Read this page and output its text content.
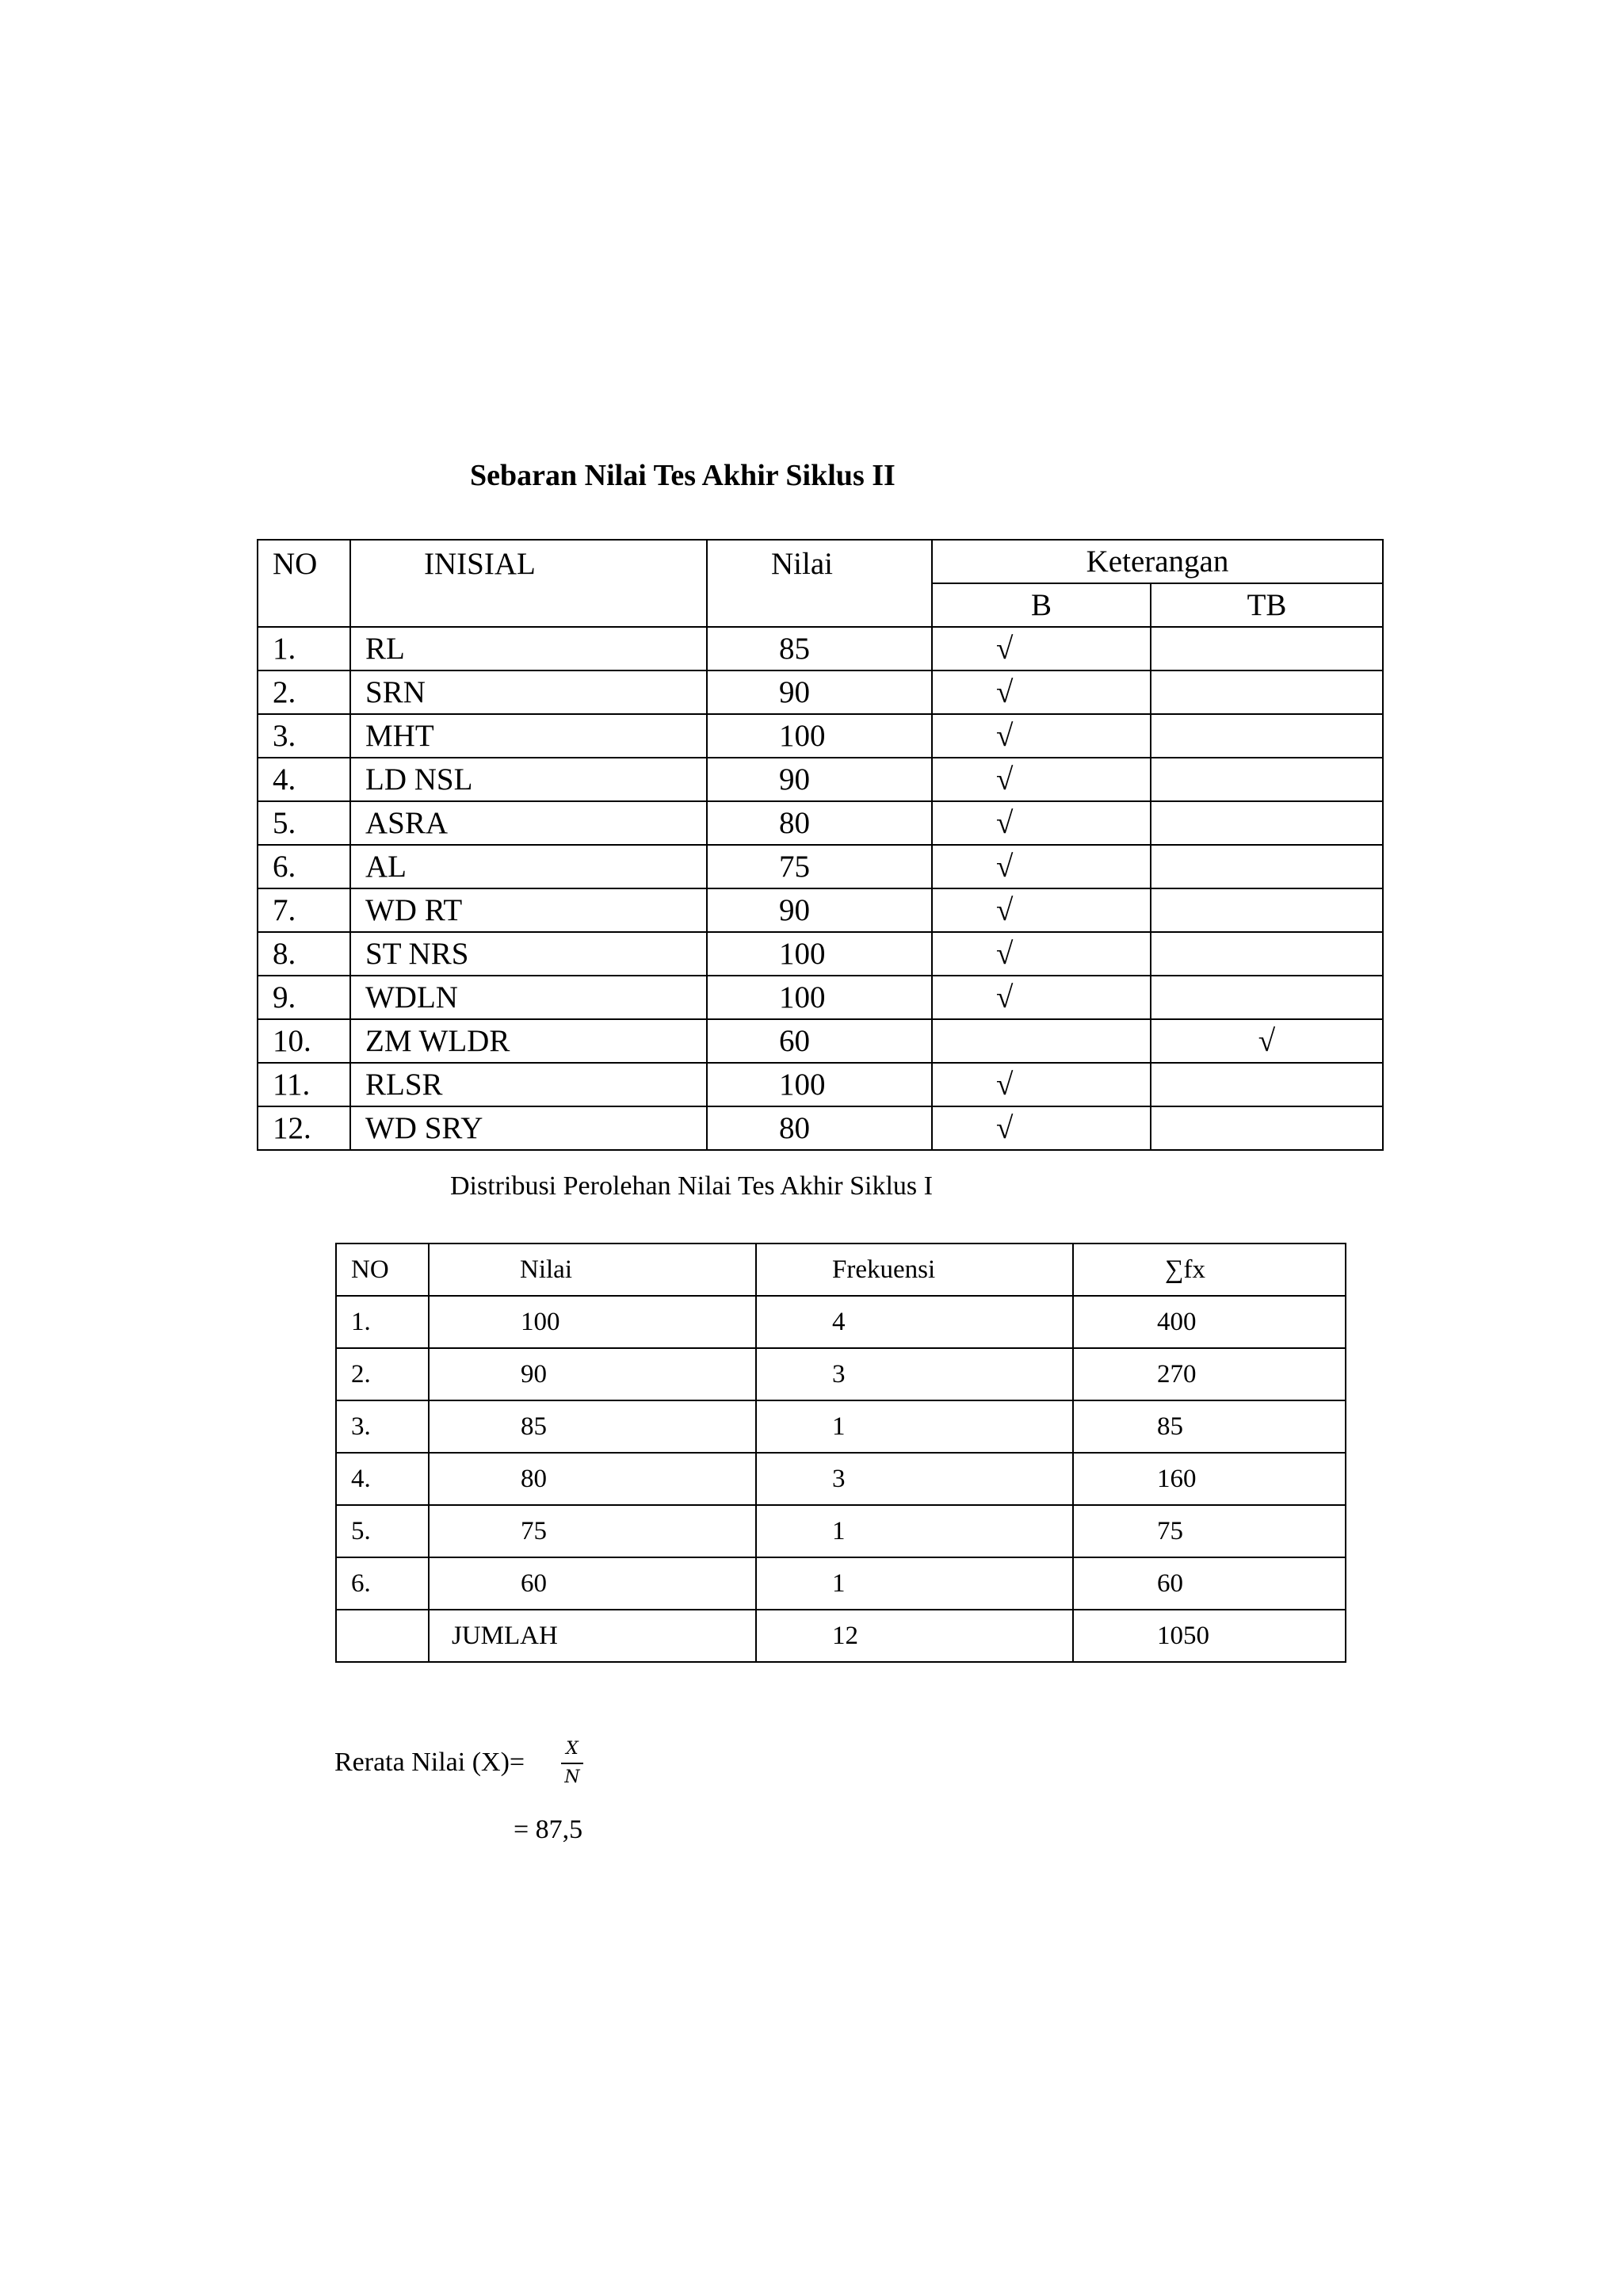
Sebaran Nilai Tes Akhir Siklus II
NO	INISIAL	Nilai	Keterangan	
			B	TB
1.	RL	85	√	
2.	SRN	90	√	
3.	MHT	100	√	
4.	LD NSL	90	√	
5.	ASRA	80	√	
6.	AL	75	√	
7.	WD RT	90	√	
8.	ST NRS	100	√	
9.	WDLN	100	√	
10.	ZM WLDR	60		√
11.	RLSR	100	√	
12.	WD SRY	80	√	
Distribusi Perolehan Nilai Tes Akhir Siklus I
NO	Nilai	Frekuensi	∑fx
1.	100	4	400
2.	90	3	270
3.	85	1	85
4.	80	3	160
5.	75	1	75
6.	60	1	60
	JUMLAH	12	1050
Rerata Nilai $(X)= \frac{X}{N}$
= 87,5
